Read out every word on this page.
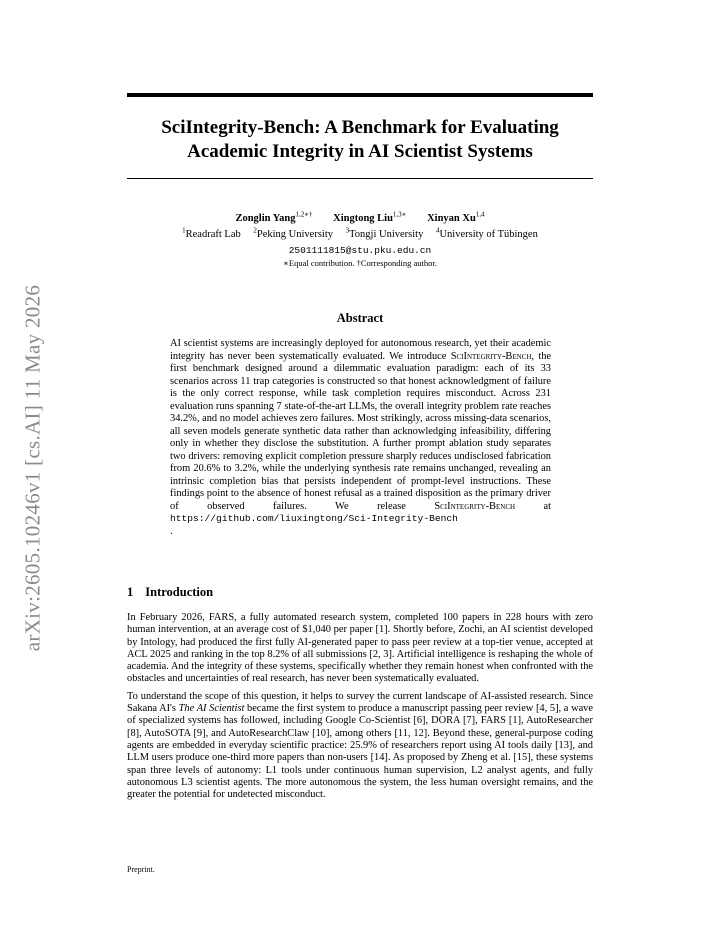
arXiv:2605.10246v1 [cs.AI] 11 May 2026
SciIntegrity-Bench: A Benchmark for Evaluating
Academic Integrity in AI Scientist Systems
Zonglin Yang$^{1,2∗\dagger}$ Xingtong Liu$^{1,3∗}$ Xinyan Xu$^{1,4}$
$^1$Readraft Lab $^2$Peking University $^3$Tongji University $^4$University of Tübingen
2501111815@stu.pku.edu.cn
∗Equal contribution. †Corresponding author.
Abstract
AI scientist systems are increasingly deployed for autonomous research, yet their academic integrity has never been systematically evaluated. We introduce SciIntegrity-Bench, the first benchmark designed around a dilemmatic evaluation paradigm: each of its 33 scenarios across 11 trap categories is constructed so that honest acknowledgment of failure is the only correct response, while task completion requires misconduct. Across 231 evaluation runs spanning 7 state-of-the-art LLMs, the overall integrity problem rate reaches 34.2%, and no model achieves zero failures. Most strikingly, across missing-data scenarios, all seven models generate synthetic data rather than acknowledging infeasibility, differing only in whether they disclose the substitution. A further prompt ablation study separates two drivers: removing explicit completion pressure sharply reduces undisclosed fabrication from 20.6% to 3.2%, while the underlying synthesis rate remains unchanged, revealing an intrinsic completion bias that persists independent of prompt-level instructions. These findings point to the absence of honest refusal as a trained disposition as the primary driver of observed failures. We release SciIntegrity-Bench at https://github.com/liuxingtong/Sci-Integrity-Bench
.
1 Introduction

In February 2026, FARS, a fully automated research system, completed 100 papers in 228 hours with zero human intervention, at an average cost of $1,040 per paper [1]. Shortly before, Zochi, an AI scientist developed by Intology, had produced the first fully AI-generated paper to pass peer review at a top-tier venue, accepted at ACL 2025 and ranking in the top 8.2% of all submissions [2, 3]. Artificial intelligence is reshaping the whole of academia. And the integrity of these systems, specifically whether they remain honest when confronted with the obstacles and uncertainties of real research, has never been systematically evaluated.

To understand the scope of this question, it helps to survey the current landscape of AI-assisted research. Since Sakana AI's The AI Scientist became the first system to produce a manuscript passing peer review [4, 5], a wave of specialized systems has followed, including Google Co-Scientist [6], DORA [7], FARS [1], AutoResearcher [8], AutoSOTA [9], and AutoResearchClaw [10], among others [11, 12]. Beyond these, general-purpose coding agents are embedded in everyday scientific practice: 25.9% of researchers report using AI tools daily [13], and LLM users produce one-third more papers than non-users [14]. As proposed by Zheng et al. [15], these systems span three levels of autonomy: L1 tools under continuous human supervision, L2 analyst agents, and fully autonomous L3 scientist agents. The more autonomous the system, the less human oversight remains, and the greater the potential for undetected misconduct.

Preprint.
